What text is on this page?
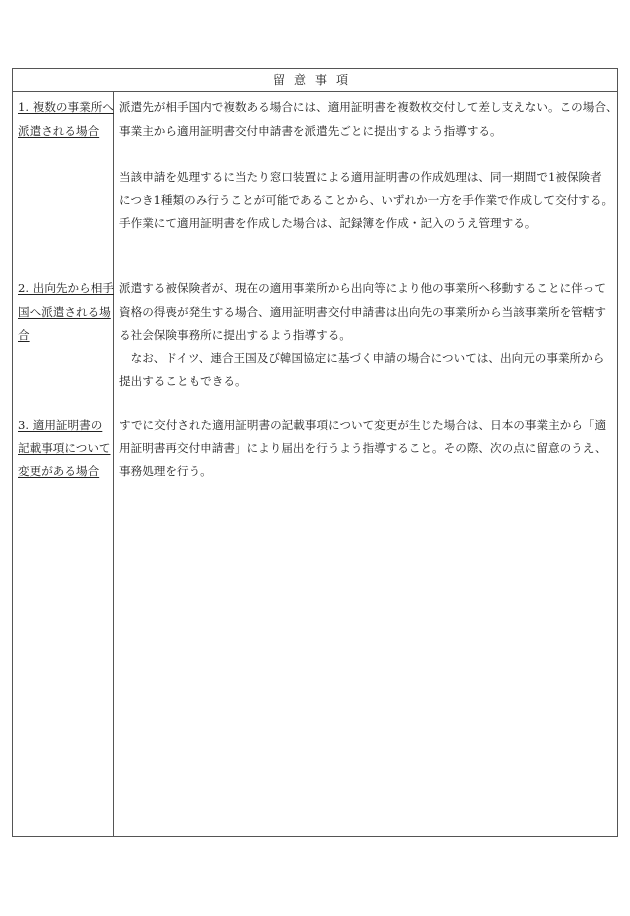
留意事項
1. 複数の事業所へ
派遣される場合
派遣先が相手国内で複数ある場合には、適用証明書を複数枚交付して差し支えない。この場合、
事業主から適用証明書交付申請書を派遣先ごとに提出するよう指導する。
当該申請を処理するに当たり窓口装置による適用証明書の作成処理は、同一期間で1被保険者
につき1種類のみ行うことが可能であることから、いずれか一方を手作業で作成して交付する。
手作業にて適用証明書を作成した場合は、記録簿を作成・記入のうえ管理する。
2. 出向先から相手
国へ派遣される場
合
派遣する被保険者が、現在の適用事業所から出向等により他の事業所へ移動することに伴って
資格の得喪が発生する場合、適用証明書交付申請書は出向先の事業所から当該事業所を管轄す
る社会保険事務所に提出するよう指導する。
　なお、ドイツ、連合王国及び韓国協定に基づく申請の場合については、出向元の事業所から
提出することもできる。
3. 適用証明書の
記載事項について
変更がある場合
すでに交付された適用証明書の記載事項について変更が生じた場合は、日本の事業主から「適
用証明書再交付申請書」により届出を行うよう指導すること。その際、次の点に留意のうえ、
事務処理を行う。
